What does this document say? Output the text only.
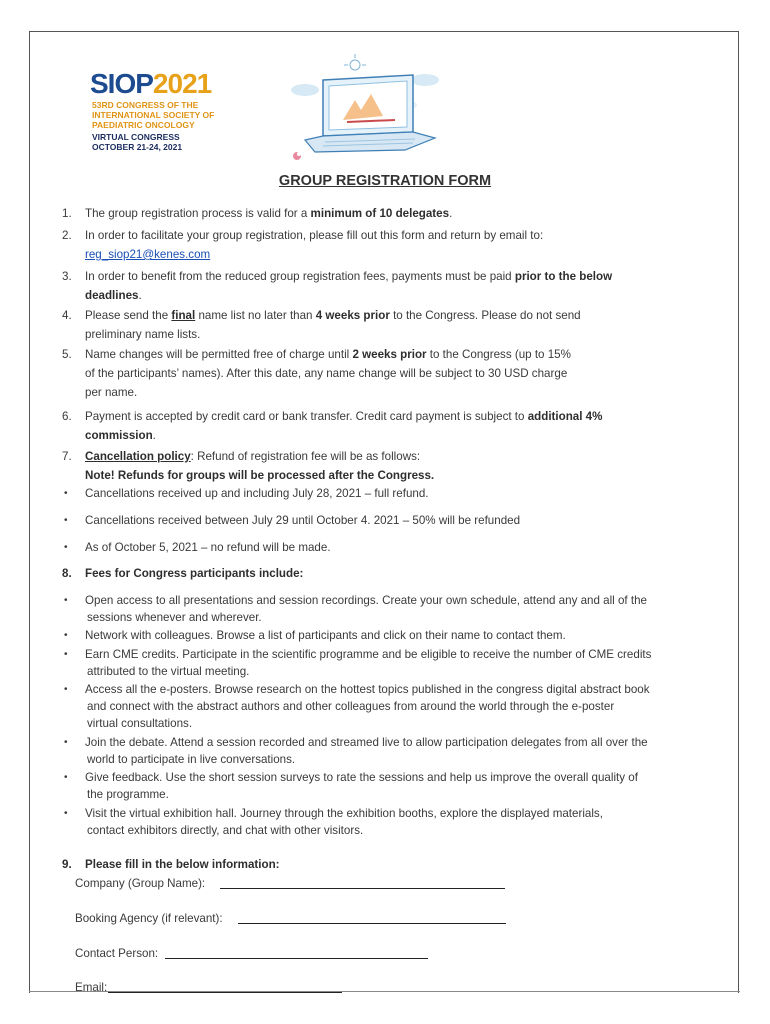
SIOP2021
53RD CONGRESS OF THE
INTERNATIONAL SOCIETY OF
PAEDIATRIC ONCOLOGY
VIRTUAL CONGRESS
OCTOBER 21-24, 2021
GROUP REGISTRATION FORM
1. The group registration process is valid for a minimum of 10 delegates.
2. In order to facilitate your group registration, please fill out this form and return by email to:
reg_siop21@kenes.com
3. In order to benefit from the reduced group registration fees, payments must be paid prior to the below
deadlines.
4. Please send the final name list no later than 4 weeks prior to the Congress. Please do not send
preliminary name lists.
5. Name changes will be permitted free of charge until 2 weeks prior to the Congress (up to 15%
of the participants’ names). After this date, any name change will be subject to 30 USD charge
per name.
6. Payment is accepted by credit card or bank transfer. Credit card payment is subject to additional 4%
commission.
7. Cancellation policy: Refund of registration fee will be as follows:
Note! Refunds for groups will be processed after the Congress.
• Cancellations received up and including July 28, 2021 – full refund.
• Cancellations received between July 29 until October 4. 2021 – 50% will be refunded
• As of October 5, 2021 – no refund will be made.
8. Fees for Congress participants include:
• Open access to all presentations and session recordings. Create your own schedule, attend any and all of the
sessions whenever and wherever.
• Network with colleagues. Browse a list of participants and click on their name to contact them.
• Earn CME credits. Participate in the scientific programme and be eligible to receive the number of CME credits
attributed to the virtual meeting.
• Access all the e-posters. Browse research on the hottest topics published in the congress digital abstract book
and connect with the abstract authors and other colleagues from around the world through the e-poster
virtual consultations.
• Join the debate. Attend a session recorded and streamed live to allow participation delegates from all over the
world to participate in live conversations.
• Give feedback. Use the short session surveys to rate the sessions and help us improve the overall quality of
the programme.
• Visit the virtual exhibition hall. Journey through the exhibition booths, explore the displayed materials,
contact exhibitors directly, and chat with other visitors.
9. Please fill in the below information:
Company (Group Name):
Booking Agency (if relevant):
Contact Person:
Email:
